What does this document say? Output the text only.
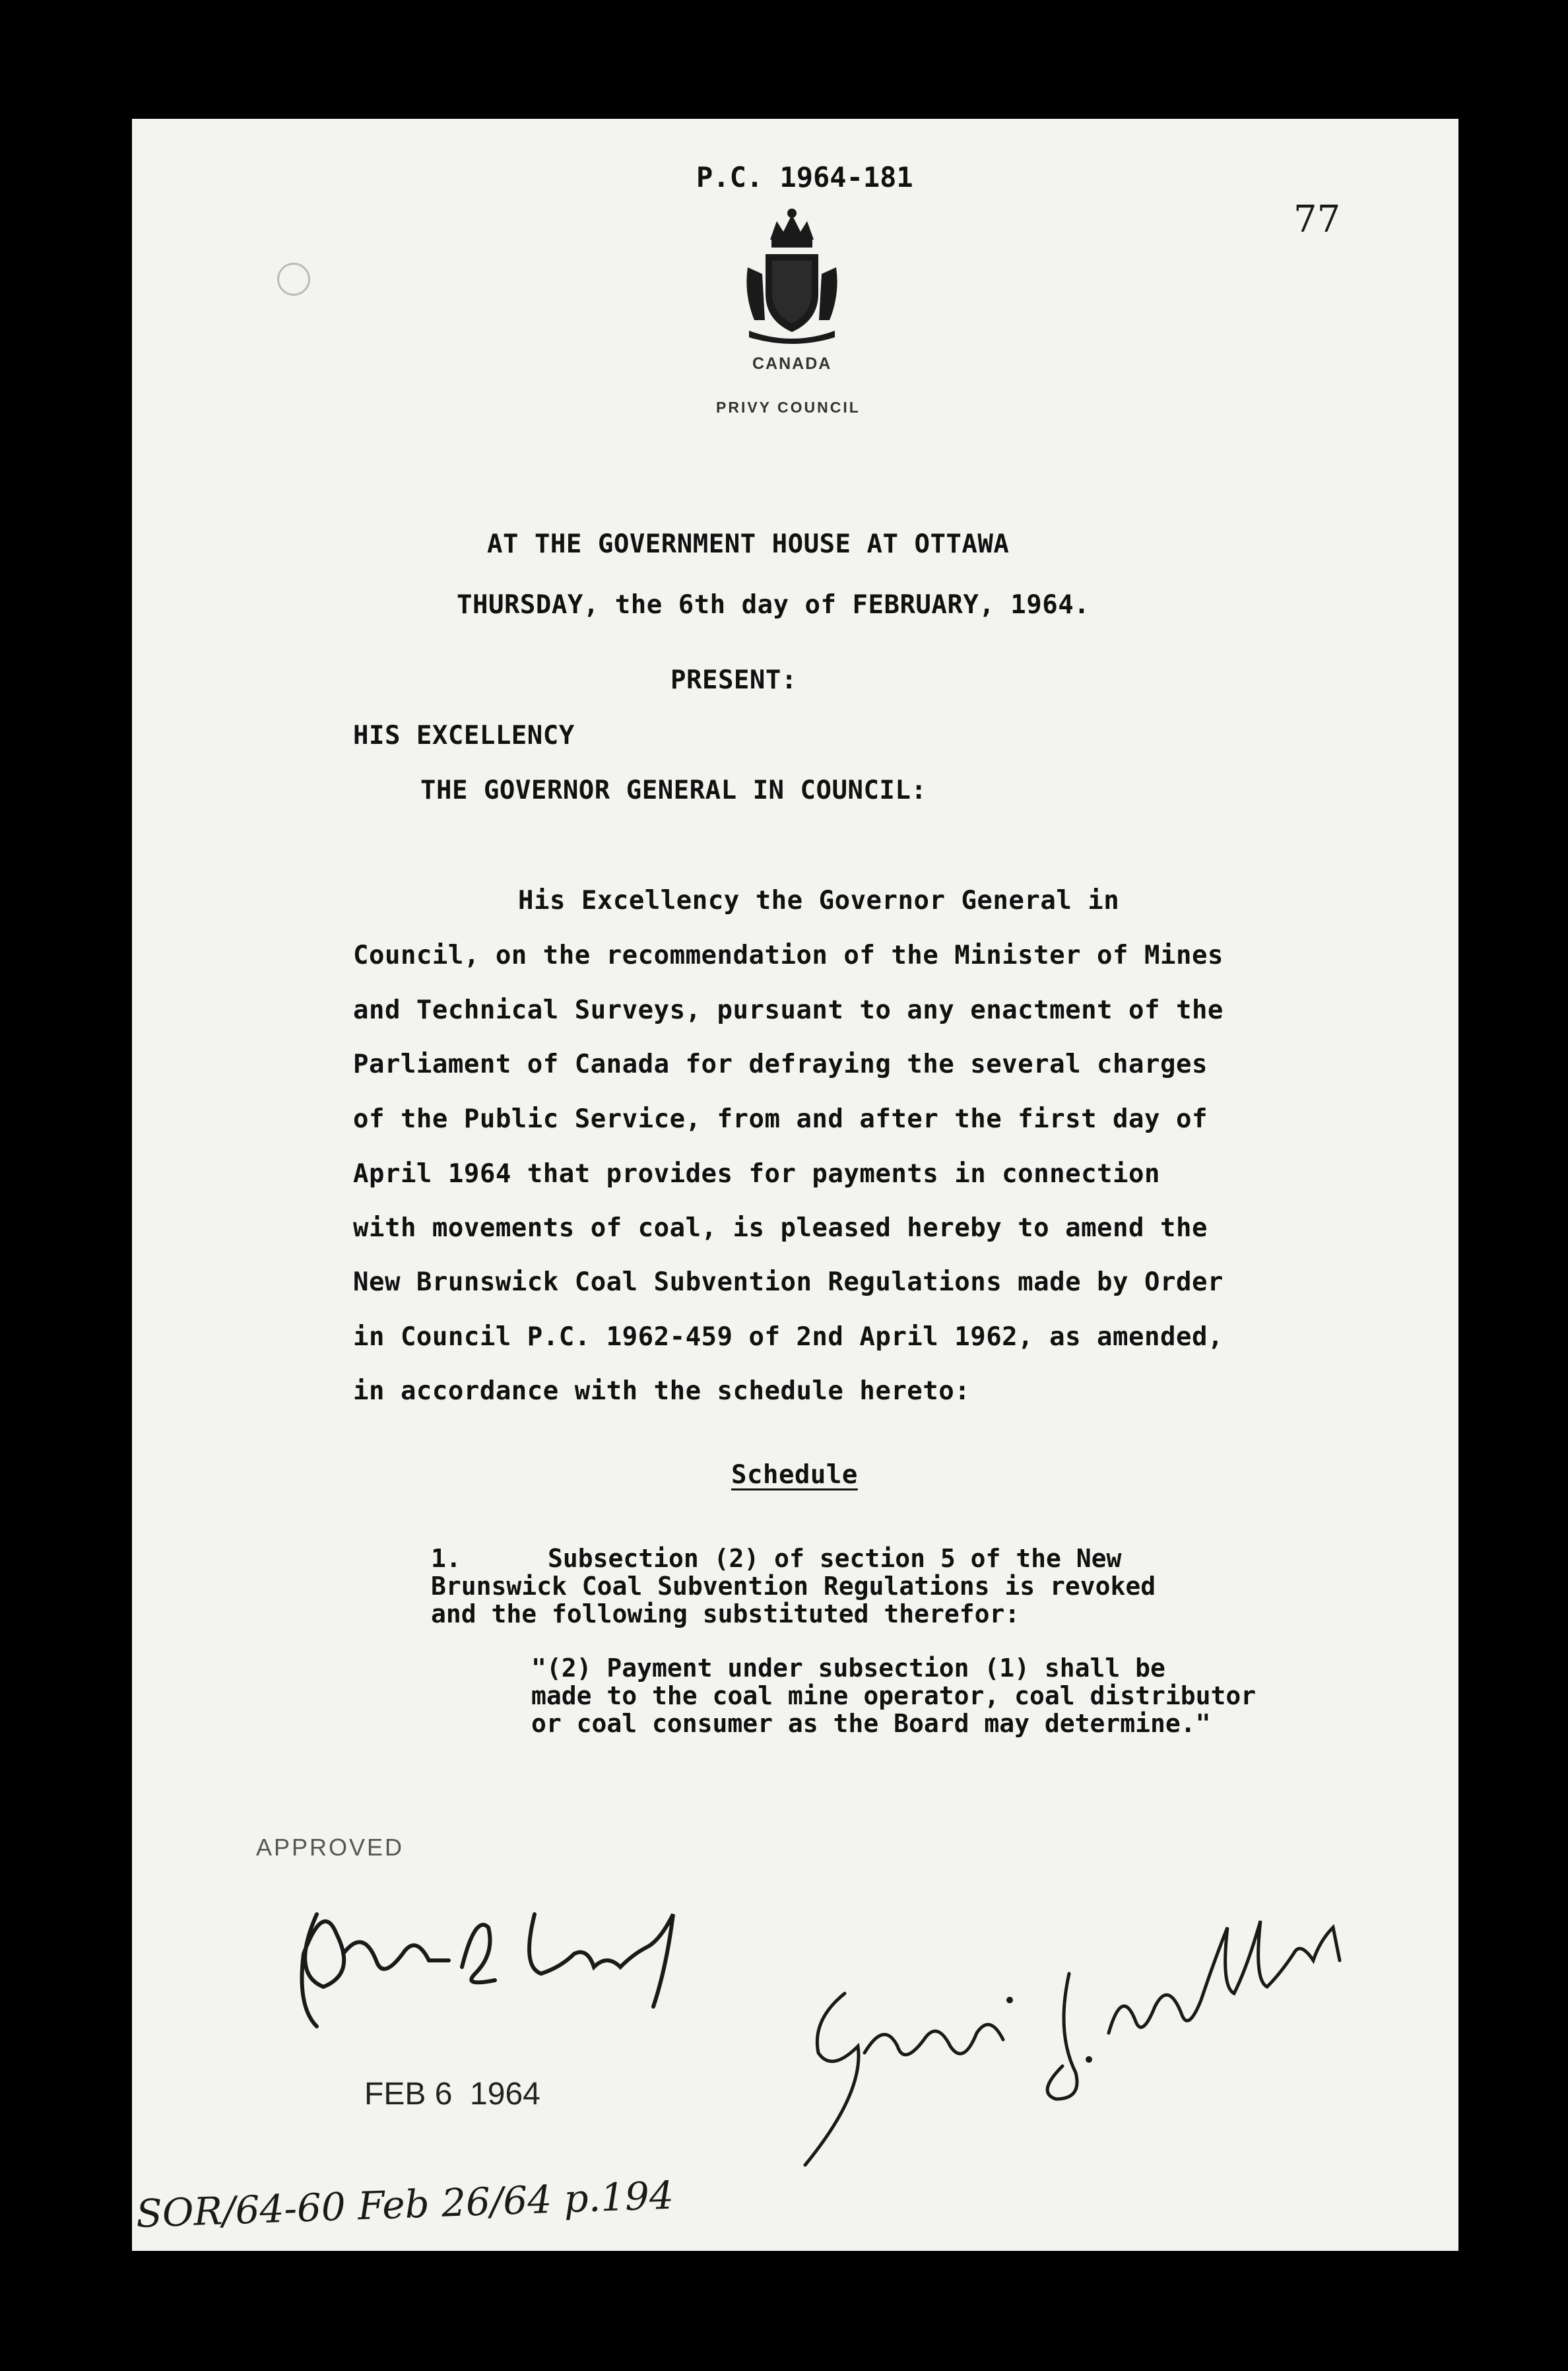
P.C. 1964-181
77
CANADA
PRIVY COUNCIL
AT THE GOVERNMENT HOUSE AT OTTAWA
THURSDAY, the 6th day of FEBRUARY, 1964.
PRESENT:
HIS EXCELLENCY
THE GOVERNOR GENERAL IN COUNCIL:
His Excellency the Governor General in
Council, on the recommendation of the Minister of Mines
and Technical Surveys, pursuant to any enactment of the
Parliament of Canada for defraying the several charges
of the Public Service, from and after the first day of
April 1964 that provides for payments in connection
with movements of coal, is pleased hereby to amend the
New Brunswick Coal Subvention Regulations made by Order
in Council P.C. 1962-459 of 2nd April 1962, as amended,
in accordance with the schedule hereto:
Schedule
1.	Subsection (2) of section 5 of the New
Brunswick Coal Subvention Regulations is revoked
and the following substituted therefor:
"(2) Payment under subsection (1) shall be
made to the coal mine operator, coal distributor
or coal consumer as the Board may determine."
APPROVED
FEB 6  1964
SOR/64-60 Feb 26/64 p.194
